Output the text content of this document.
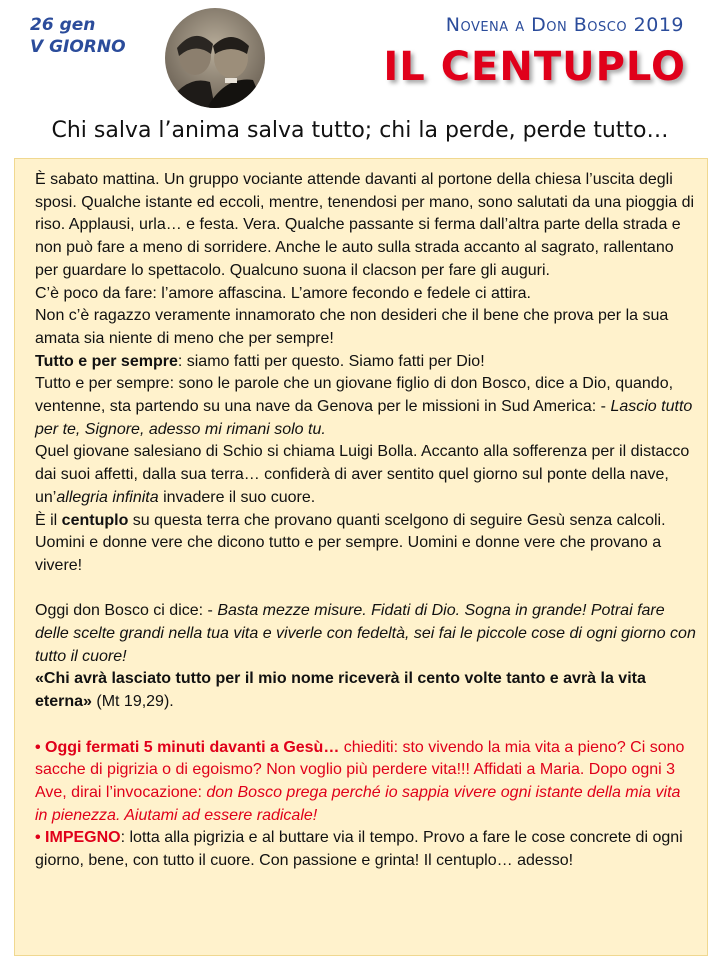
26 gen
V GIORNO
Novena a Don Bosco 2019
IL CENTUPLO
Chi salva l’anima salva tutto; chi la perde, perde tutto…

È sabato mattina. Un gruppo vociante attende davanti al portone della chiesa l’uscita degli sposi. Qualche istante ed eccoli, mentre, tenendosi per mano, sono salutati da una pioggia di riso. Applausi, urla… e festa. Vera. Qualche passante si ferma dall’altra parte della strada e non può fare a meno di sorridere. Anche le auto sulla strada accanto al sagrato, rallentano per guardare lo spettacolo. Qualcuno suona il clacson per fare gli auguri.

C’è poco da fare: l’amore affascina. L’amore fecondo e fedele ci attira.

Non c’è ragazzo veramente innamorato che non desideri che il bene che prova per la sua amata sia niente di meno che per sempre!

Tutto e per sempre: siamo fatti per questo. Siamo fatti per Dio!

Tutto e per sempre: sono le parole che un giovane figlio di don Bosco, dice a Dio, quando, ventenne, sta partendo su una nave da Genova per le missioni in Sud America: - Lascio tutto per te, Signore, adesso mi rimani solo tu.

Quel giovane salesiano di Schio si chiama Luigi Bolla. Accanto alla sofferenza per il distacco dai suoi affetti, dalla sua terra… confiderà di aver sentito quel giorno sul ponte della nave, un’allegria infinita invadere il suo cuore.

È il centuplo su questa terra che provano quanti scelgono di seguire Gesù senza calcoli. Uomini e donne vere che dicono tutto e per sempre. Uomini e donne vere che provano a vivere!

Oggi don Bosco ci dice: - Basta mezze misure. Fidati di Dio. Sogna in grande! Potrai fare delle scelte grandi nella tua vita e viverle con fedeltà, sei fai le piccole cose di ogni giorno con tutto il cuore!

«Chi avrà lasciato tutto per il mio nome riceverà il cento volte tanto e avrà la vita eterna» (Mt 19,29).

• Oggi fermati 5 minuti davanti a Gesù… chiediti: sto vivendo la mia vita a pieno? Ci sono sacche di pigrizia o di egoismo? Non voglio più perdere vita!!! Affidati a Maria. Dopo ogni 3 Ave, dirai l’invocazione: don Bosco prega perché io sappia vivere ogni istante della mia vita in pienezza. Aiutami ad essere radicale!

• IMPEGNO: lotta alla pigrizia e al buttare via il tempo. Provo a fare le cose concrete di ogni giorno, bene, con tutto il cuore. Con passione e grinta! Il centuplo… adesso!
